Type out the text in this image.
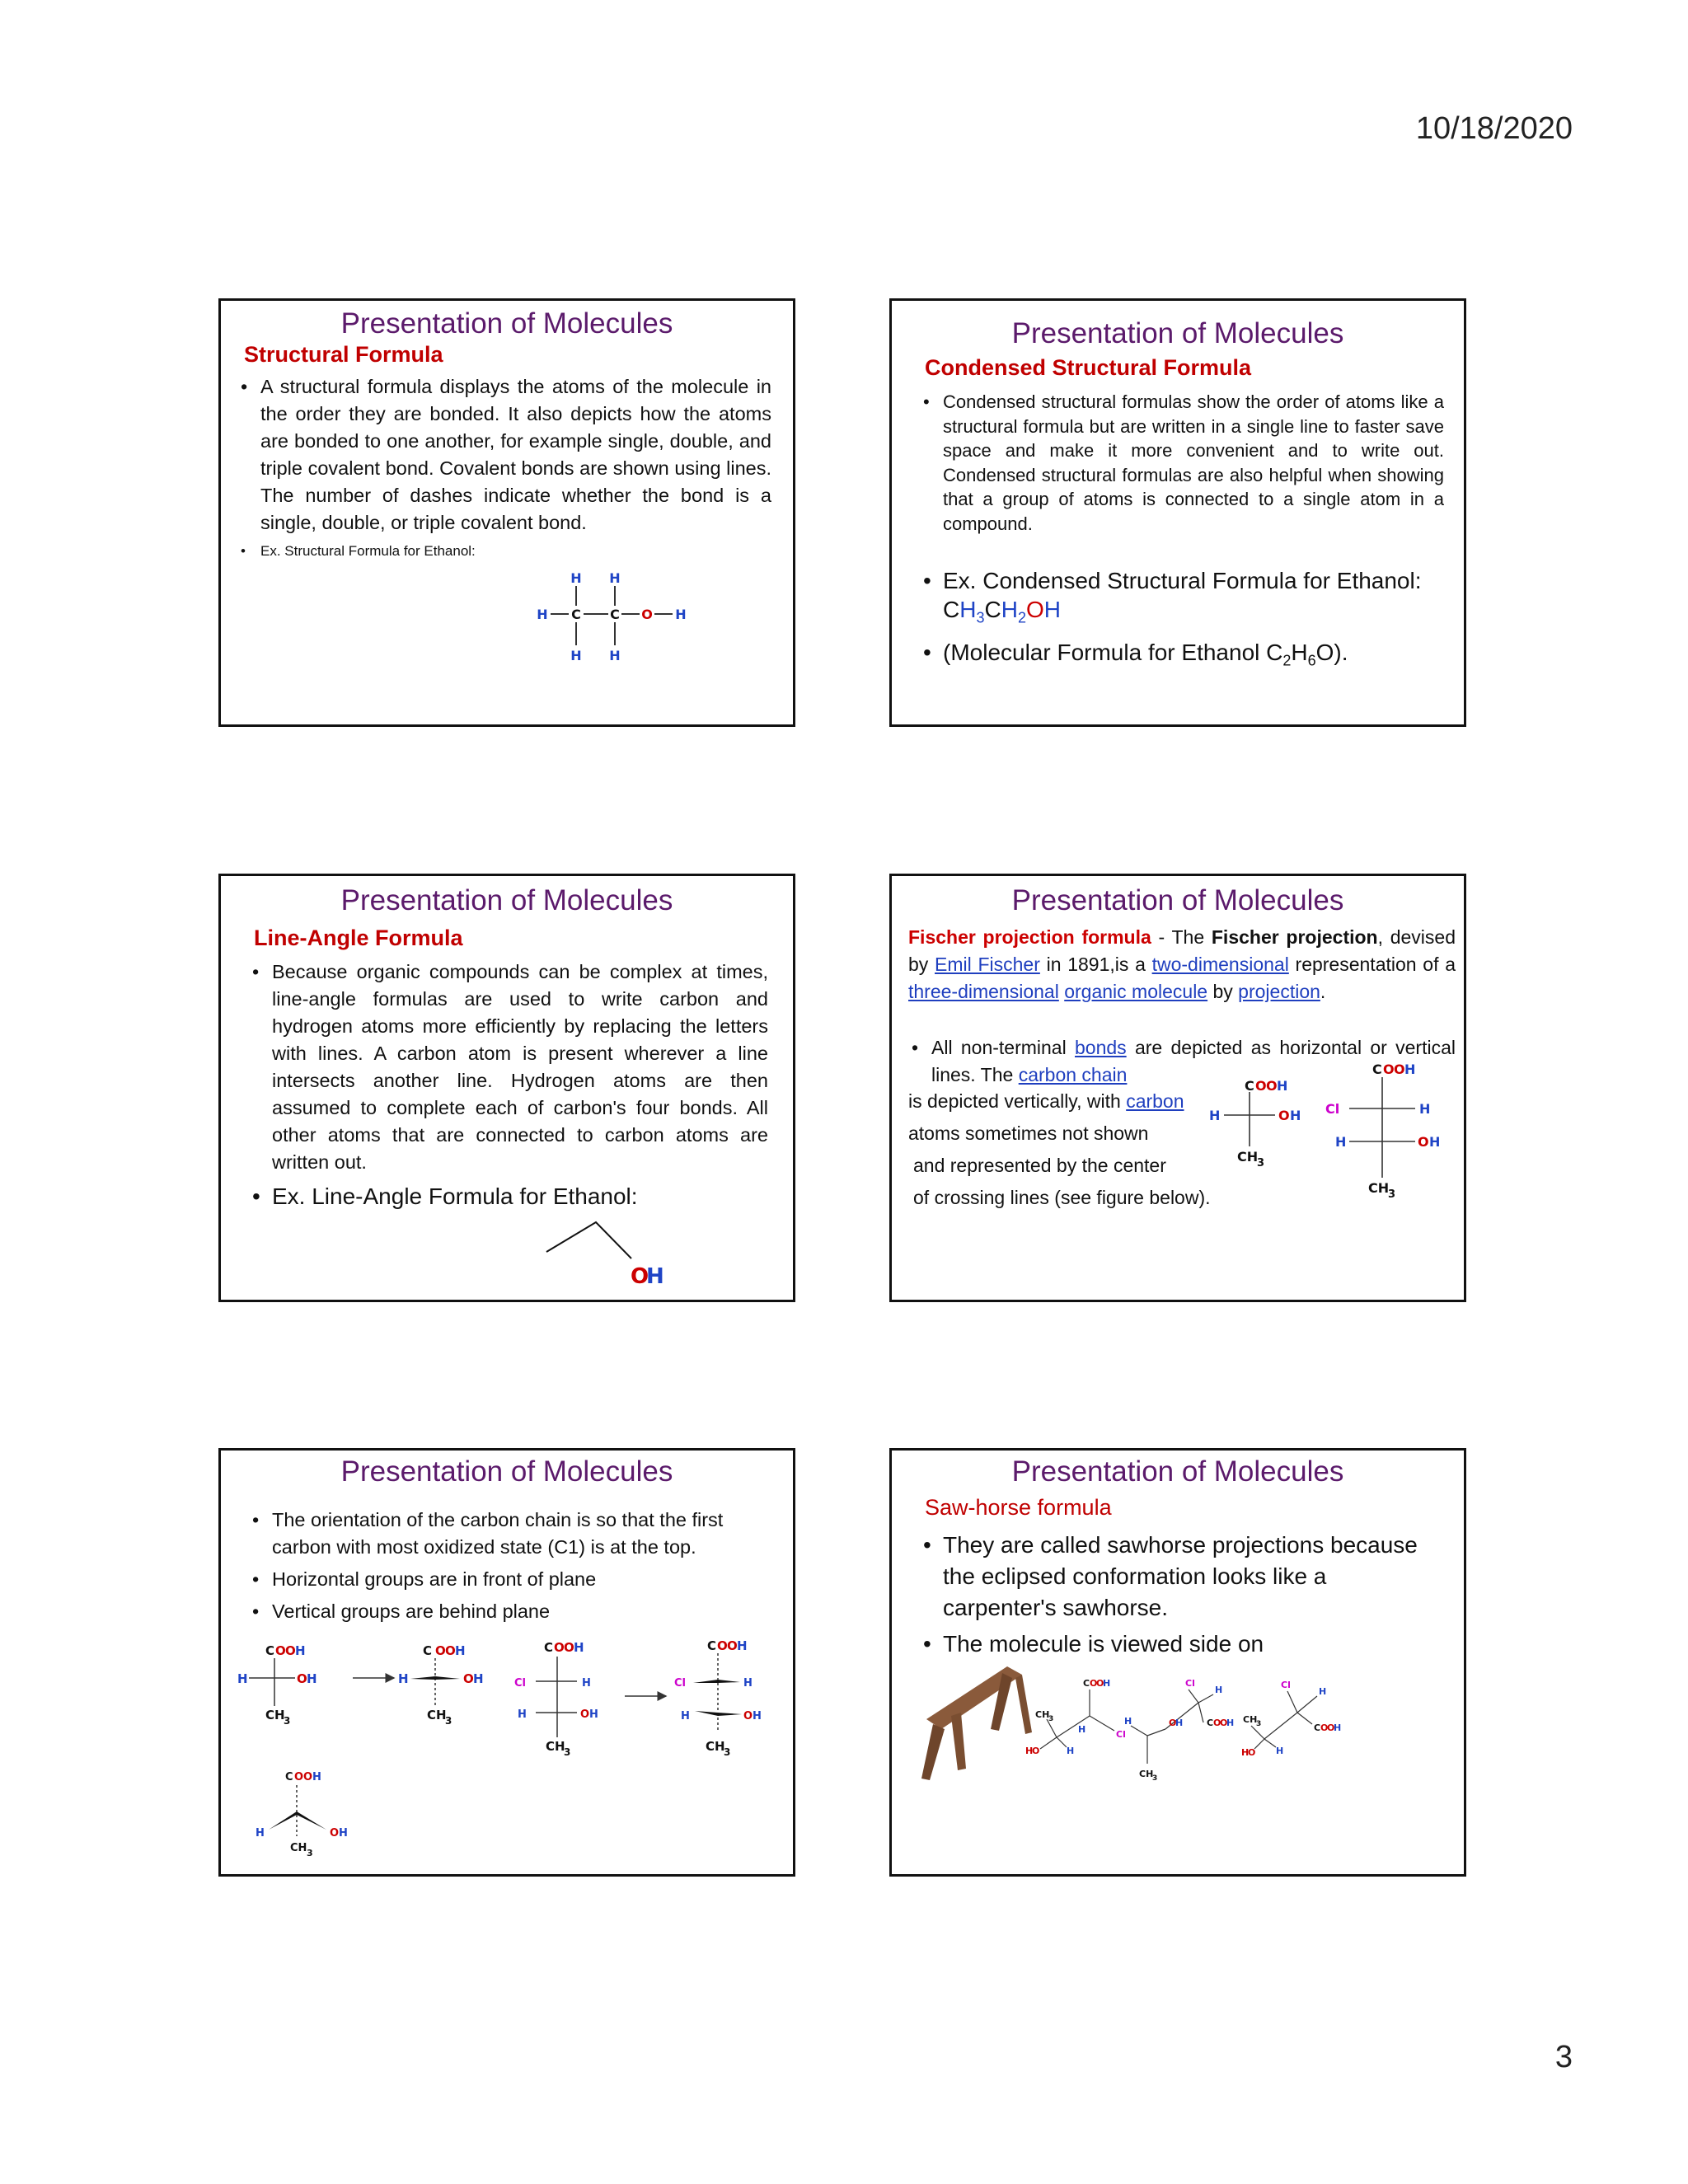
10/18/2020
Presentation of Molecules
Structural Formula
• A structural formula displays the atoms of the molecule in the order they are bonded. It also depicts how the atoms are bonded to one another, for example single, double, and triple covalent bond. Covalent bonds are shown using lines. The number of dashes indicate whether the bond is a single, double, or triple covalent bond.
• Ex. Structural Formula for Ethanol:
H H
H C C O H
H H
Presentation of Molecules
Condensed Structural Formula
• Condensed structural formulas show the order of atoms like a structural formula but are written in a single line to faster save space and make it more convenient and to write out. Condensed structural formulas are also helpful when showing that a group of atoms is connected to a single atom in a compound.
• Ex. Condensed Structural Formula for Ethanol:
$CH_3CH_2OH$
• (Molecular Formula for Ethanol $C_2H_6O$).
Presentation of Molecules
Line-Angle Formula
• Because organic compounds can be complex at times, line-angle formulas are used to write carbon and hydrogen atoms more efficiently by replacing the letters with lines. A carbon atom is present wherever a line intersects another line. Hydrogen atoms are then assumed to complete each of carbon's four bonds. All other atoms that are connected to carbon atoms are written out.
• Ex. Line-Angle Formula for Ethanol:
O
H
Presentation of Molecules
Fischer projection formula - The Fischer projection, devised by Emil Fischer in 1891,is a two-dimensional representation of a three-dimensional organic molecule by projection.
• All non-terminal bonds are depicted as horizontal or vertical lines. The carbon chain
is depicted vertically, with carbon
atoms sometimes not shown
and represented by the center
of crossing lines (see figure below).
C O O H
H	O H
CH
3
C O O H
Cl	H
H	O H
CH
3
Presentation of Molecules
• The orientation of the carbon chain is so that the first carbon with most oxidized state (C1) is at the top.
• Horizontal groups are in front of plane
• Vertical groups are behind plane
C O O H
H	O H
CH
3
C O O H
H	O H
CH
3
C O O H
Cl	H
H	O H
CH
3
C O O H
Cl	H
H	O H
CH
3
C O O H
H	O H
CH 3
Presentation of Molecules
Saw-horse formula
• They are called sawhorse projections because the eclipsed conformation looks like a carpenter's sawhorse.
• The molecule is viewed side on
C O
O
H
Cl
H
CH
3
H
O	H
Cl
H
C O
O
H
H	O
H
CH
3
Cl
H
C O
O
H
CH
3
H
O H
3
